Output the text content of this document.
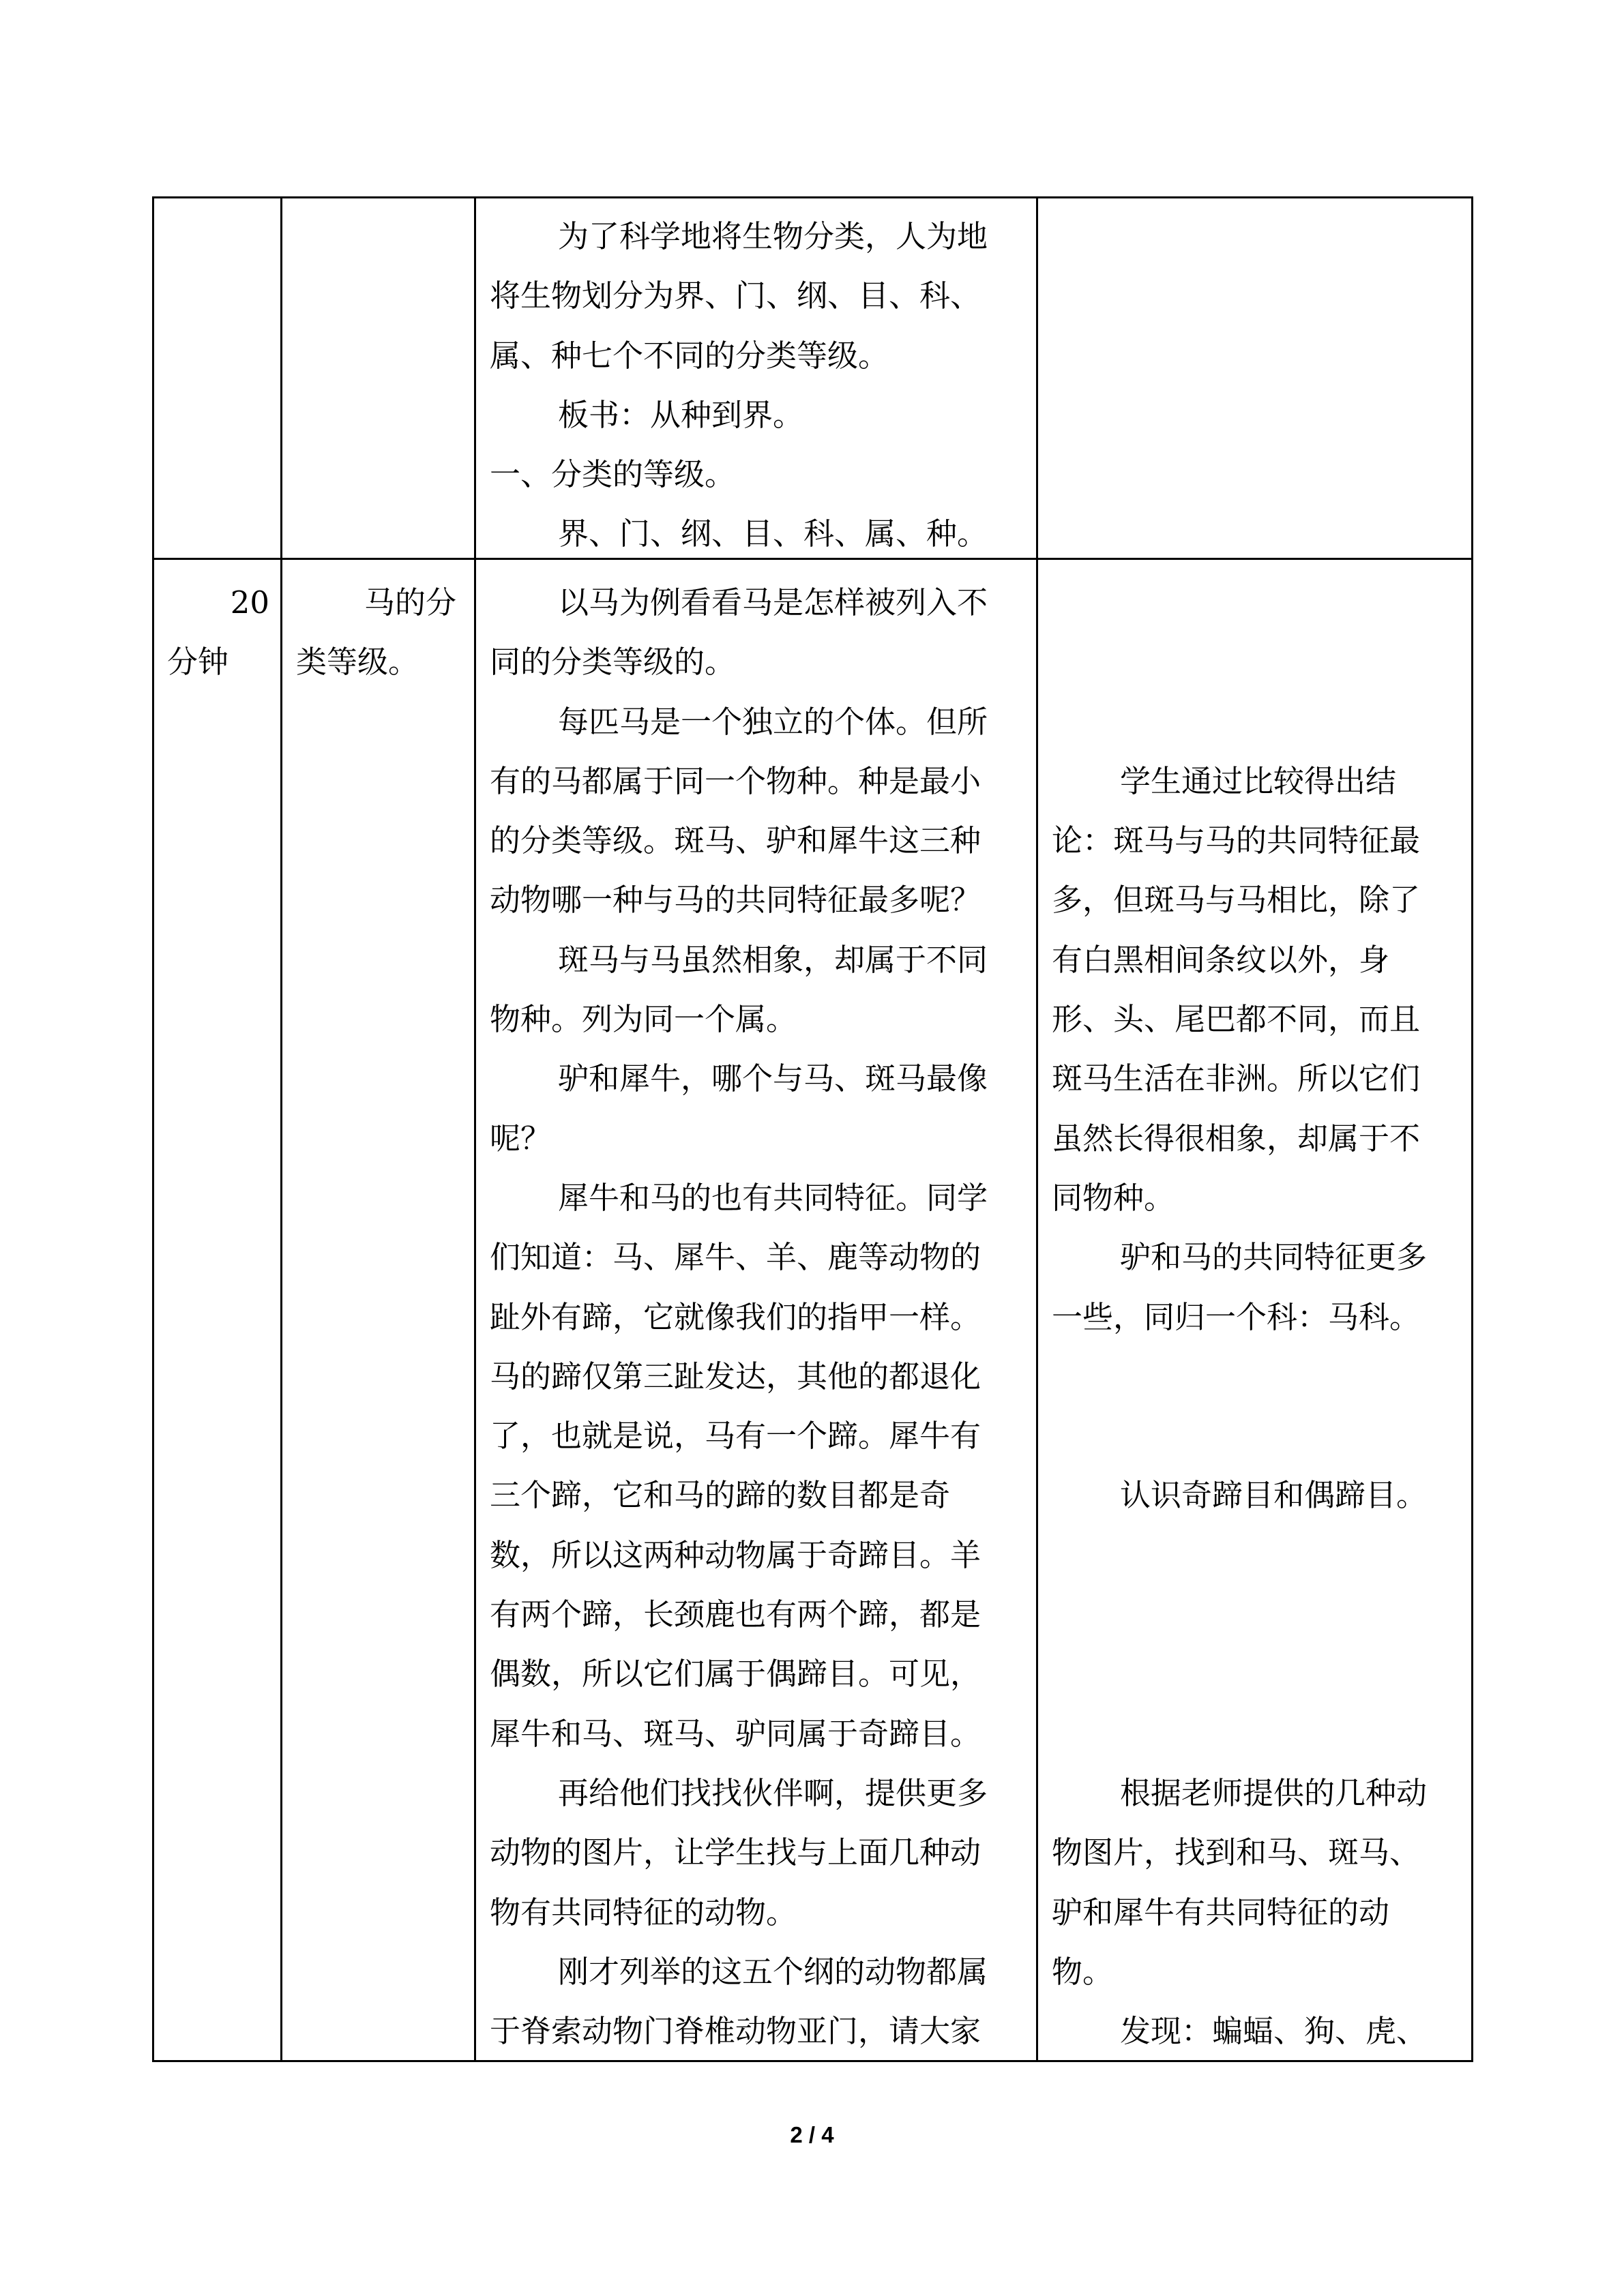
为了科学地将生物分类，人为地
将生物划分为界、门、纲、目、科、
属、种七个不同的分类等级。
板书：从种到界。
一、分类的等级。
界、门、纲、目、科、属、种。
20
分钟
马的分
类等级。
以马为例看看马是怎样被列入不
同的分类等级的。
每匹马是一个独立的个体。但所
有的马都属于同一个物种。种是最小
的分类等级。斑马、驴和犀牛这三种
动物哪一种与马的共同特征最多呢？
斑马与马虽然相象，却属于不同
物种。列为同一个属。
驴和犀牛，哪个与马、斑马最像
呢？
犀牛和马的也有共同特征。同学
们知道：马、犀牛、羊、鹿等动物的
趾外有蹄，它就像我们的指甲一样。
马的蹄仅第三趾发达，其他的都退化
了，也就是说，马有一个蹄。犀牛有
三个蹄，它和马的蹄的数目都是奇
数，所以这两种动物属于奇蹄目。羊
有两个蹄，长颈鹿也有两个蹄，都是
偶数，所以它们属于偶蹄目。可见，
犀牛和马、斑马、驴同属于奇蹄目。
再给他们找找伙伴啊，提供更多
动物的图片，让学生找与上面几种动
物有共同特征的动物。
刚才列举的这五个纲的动物都属
于脊索动物门脊椎动物亚门，请大家
学生通过比较得出结
论：斑马与马的共同特征最
多，但斑马与马相比，除了
有白黑相间条纹以外，身
形、头、尾巴都不同，而且
斑马生活在非洲。所以它们
虽然长得很相象，却属于不
同物种。
驴和马的共同特征更多
一些，同归一个科：马科。
认识奇蹄目和偶蹄目。
根据老师提供的几种动
物图片，找到和马、斑马、
驴和犀牛有共同特征的动
物。
发现：蝙蝠、狗、虎、
2 / 4
